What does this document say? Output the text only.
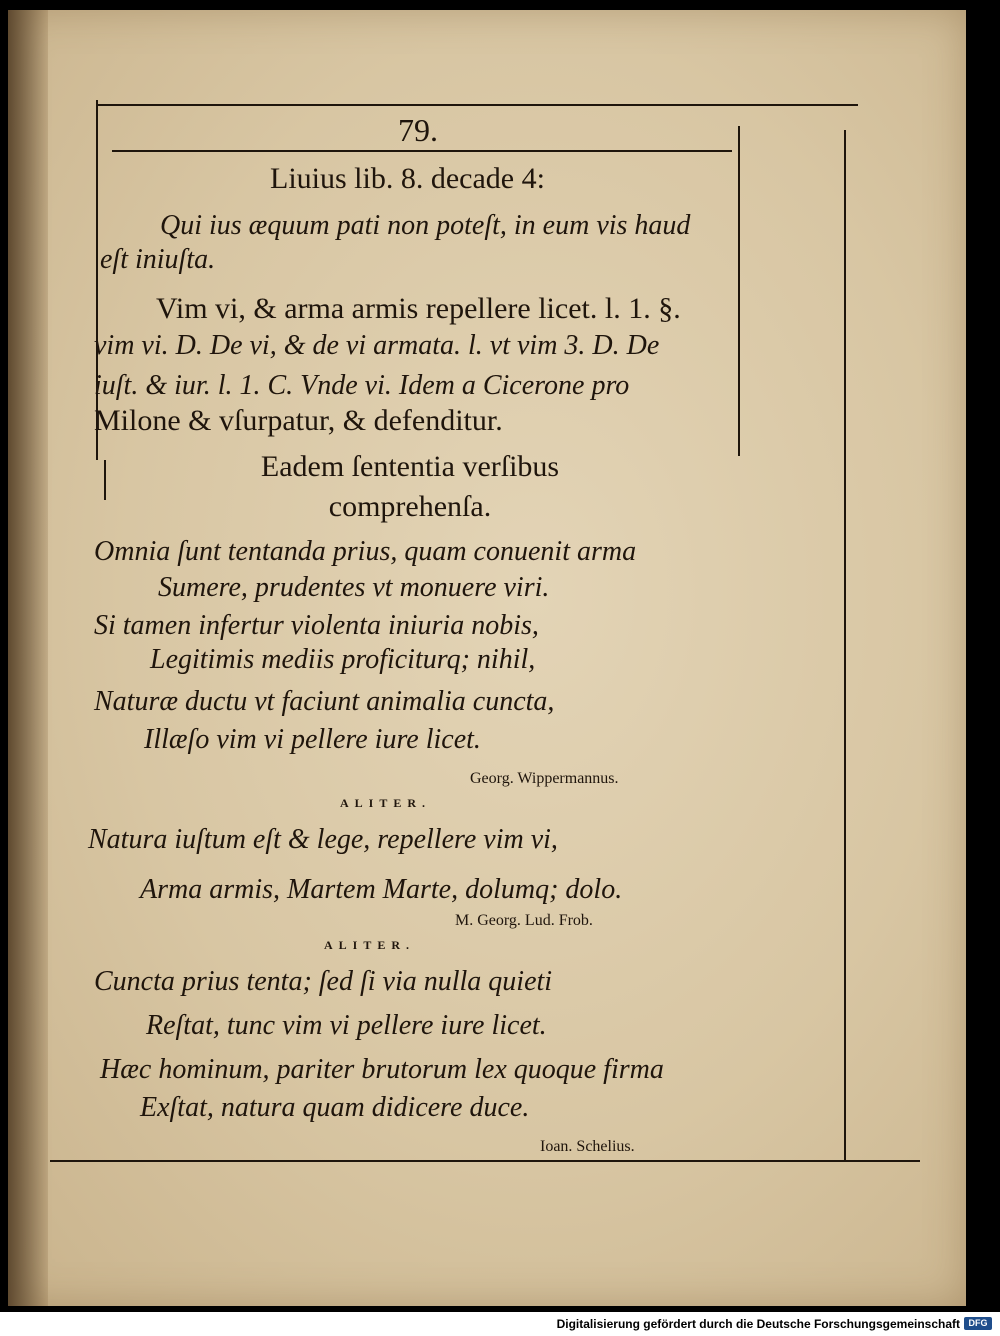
79.
Liuius lib. 8. decade 4:
Qui ius æquum pati non poteſt, in eum vis haud
eſt iniuſta.
Vim vi, & arma armis repellere licet. l. 1. §.
vim vi. D. De vi, & de vi armata. l. vt vim 3. D. De
iuſt. & iur. l. 1. C. Vnde vi. Idem a Cicerone pro
Milone & vſurpatur, & defenditur.
Eadem ſententia verſibus
comprehenſa.
Omnia ſunt tentanda prius, quam conuenit arma
Sumere, prudentes vt monuere viri.
Si tamen infertur violenta iniuria nobis,
Legitimis mediis proficiturq; nihil,
Naturæ ductu vt faciunt animalia cuncta,
Illæſo vim vi pellere iure licet.
Georg. Wippermannus.
ALITER.
Natura iuſtum eſt & lege, repellere vim vi,
Arma armis, Martem Marte, dolumq; dolo.
M. Georg. Lud. Frob.
ALITER.
Cuncta prius tenta; ſed ſi via nulla quieti
Reſtat, tunc vim vi pellere iure licet.
Hæc hominum, pariter brutorum lex quoque firma
Exſtat, natura quam didicere duce.
Ioan. Schelius.
Digitalisierung gefördert durch die Deutsche Forschungsgemeinschaft DFG
